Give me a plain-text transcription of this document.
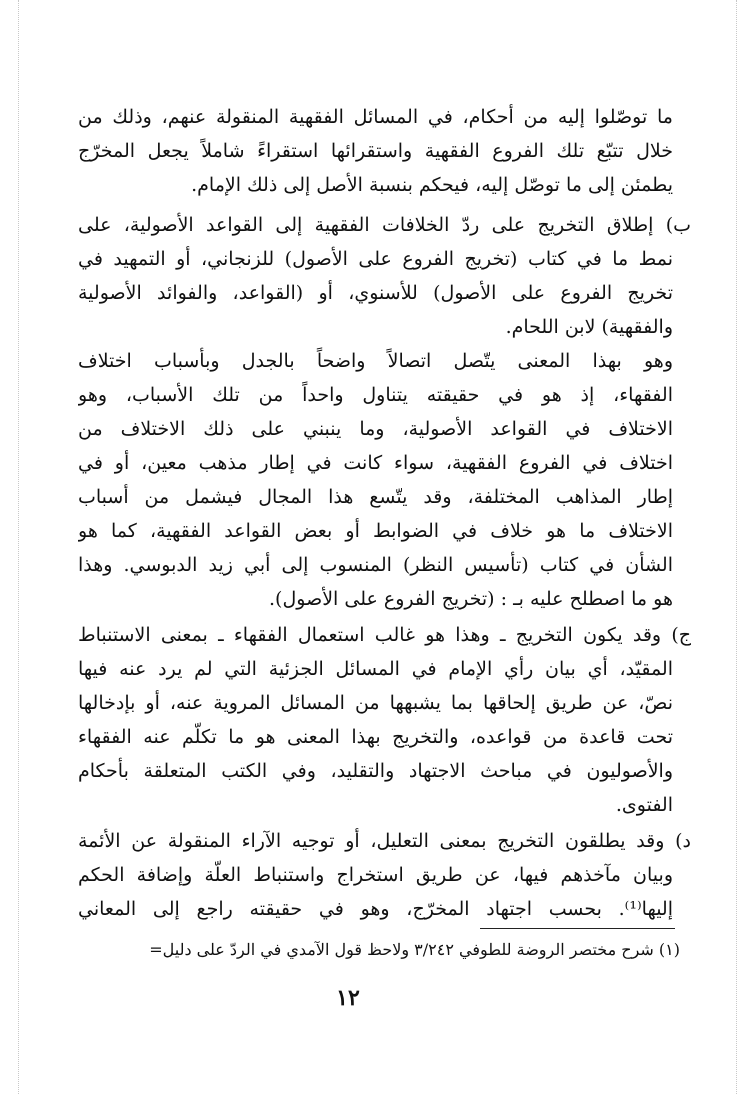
ما توصّلوا إليه من أحكام، في المسائل الفقهية المنقولة عنهم، وذلك من
خلال تتبّع تلك الفروع الفقهية واستقرائها استقراءً شاملاً يجعل المخرّج
يطمئن إلى ما توصّل إليه، فيحكم بنسبة الأصل إلى ذلك الإمام.
ب) إطلاق التخريج على ردّ الخلافات الفقهية إلى القواعد الأصولية، على
نمط ما في كتاب (تخريج الفروع على الأصول) للزنجاني، أو التمهيد في
تخريج الفروع على الأصول) للأسنوي، أو (القواعد، والفوائد الأصولية
والفقهية) لابن اللحام.
وهو بهذا المعنى يتّصل اتصالاً واضحاً بالجدل وبأسباب اختلاف
الفقهاء، إذ هو في حقيقته يتناول واحداً من تلك الأسباب، وهو
الاختلاف في القواعد الأصولية، وما ينبني على ذلك الاختلاف من
اختلاف في الفروع الفقهية، سواء كانت في إطار مذهب معين، أو في
إطار المذاهب المختلفة، وقد يتّسع هذا المجال فيشمل من أسباب
الاختلاف ما هو خلاف في الضوابط أو بعض القواعد الفقهية، كما هو
الشأن في كتاب (تأسيس النظر) المنسوب إلى أبي زيد الدبوسي. وهذا
هو ما اصطلح عليه بـ : (تخريج الفروع على الأصول).
ج) وقد يكون التخريج ـ وهذا هو غالب استعمال الفقهاء ـ بمعنى الاستنباط
المقيّد، أي بيان رأي الإمام في المسائل الجزئية التي لم يرد عنه فيها
نصّ، عن طريق إلحاقها بما يشبهها من المسائل المروية عنه، أو بإدخالها
تحت قاعدة من قواعده، والتخريج بهذا المعنى هو ما تكلّم عنه الفقهاء
والأصوليون في مباحث الاجتهاد والتقليد، وفي الكتب المتعلقة بأحكام
الفتوى.
د) وقد يطلقون التخريج بمعنى التعليل، أو توجيه الآراء المنقولة عن الأئمة
وبيان مآخذهم فيها، عن طريق استخراج واستنباط العلّة وإضافة الحكم
إليها⁽¹⁾. بحسب اجتهاد المخرّج، وهو في حقيقته راجع إلى المعاني
(١) شرح مختصر الروضة للطوفي ٣/٢٤٢ ولاحظ قول الآمدي في الردّ على دليل=
١٢
